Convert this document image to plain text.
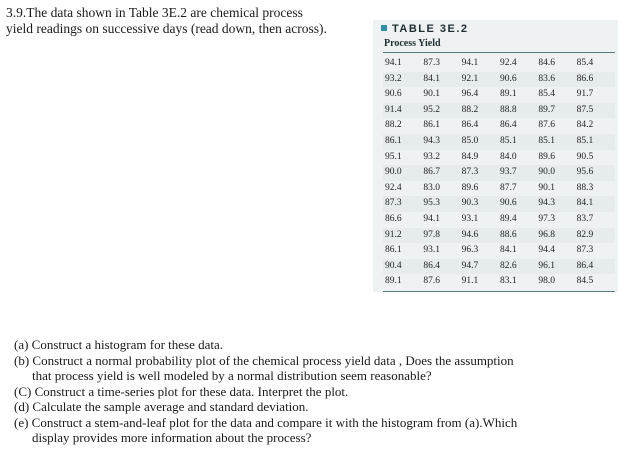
3.9.The data shown in Table 3E.2 are chemical process
yield readings on successive days (read down, then across).	TABLE 3E.2
Process Yield
94.1	87.3	94.1	92.4	84.6	85.4
93.2	84.1	92.1	90.6	83.6	86.6
90.6	90.1	96.4	89.1	85.4	91.7
91.4	95.2	88.2	88.8	89.7	87.5
88.2	86.1	86.4	86.4	87.6	84.2
86.1	94.3	85.0	85.1	85.1	85.1
95.1	93.2	84.9	84.0	89.6	90.5
90.0	86.7	87.3	93.7	90.0	95.6
92.4	83.0	89.6	87.7	90.1	88.3
87.3	95.3	90.3	90.6	94.3	84.1
86.6	94.1	93.1	89.4	97.3	83.7
91.2	97.8	94.6	88.6	96.8	82.9
86.1	93.1	96.3	84.1	94.4	87.3
90.4	86.4	94.7	82.6	96.1	86.4
89.1	87.6	91.1	83.1	98.0	84.5
(a) Construct a histogram for these data.
(b) Construct a normal probability plot of the chemical process yield data , Does the assumption
that process yield is well modeled by a normal distribution seem reasonable?
(C) Construct a time-series plot for these data. Interpret the plot.
(d) Calculate the sample average and standard deviation.
(e) Construct a stem-and-leaf plot for the data and compare it with the histogram from (a).Which
display provides more information about the process?
